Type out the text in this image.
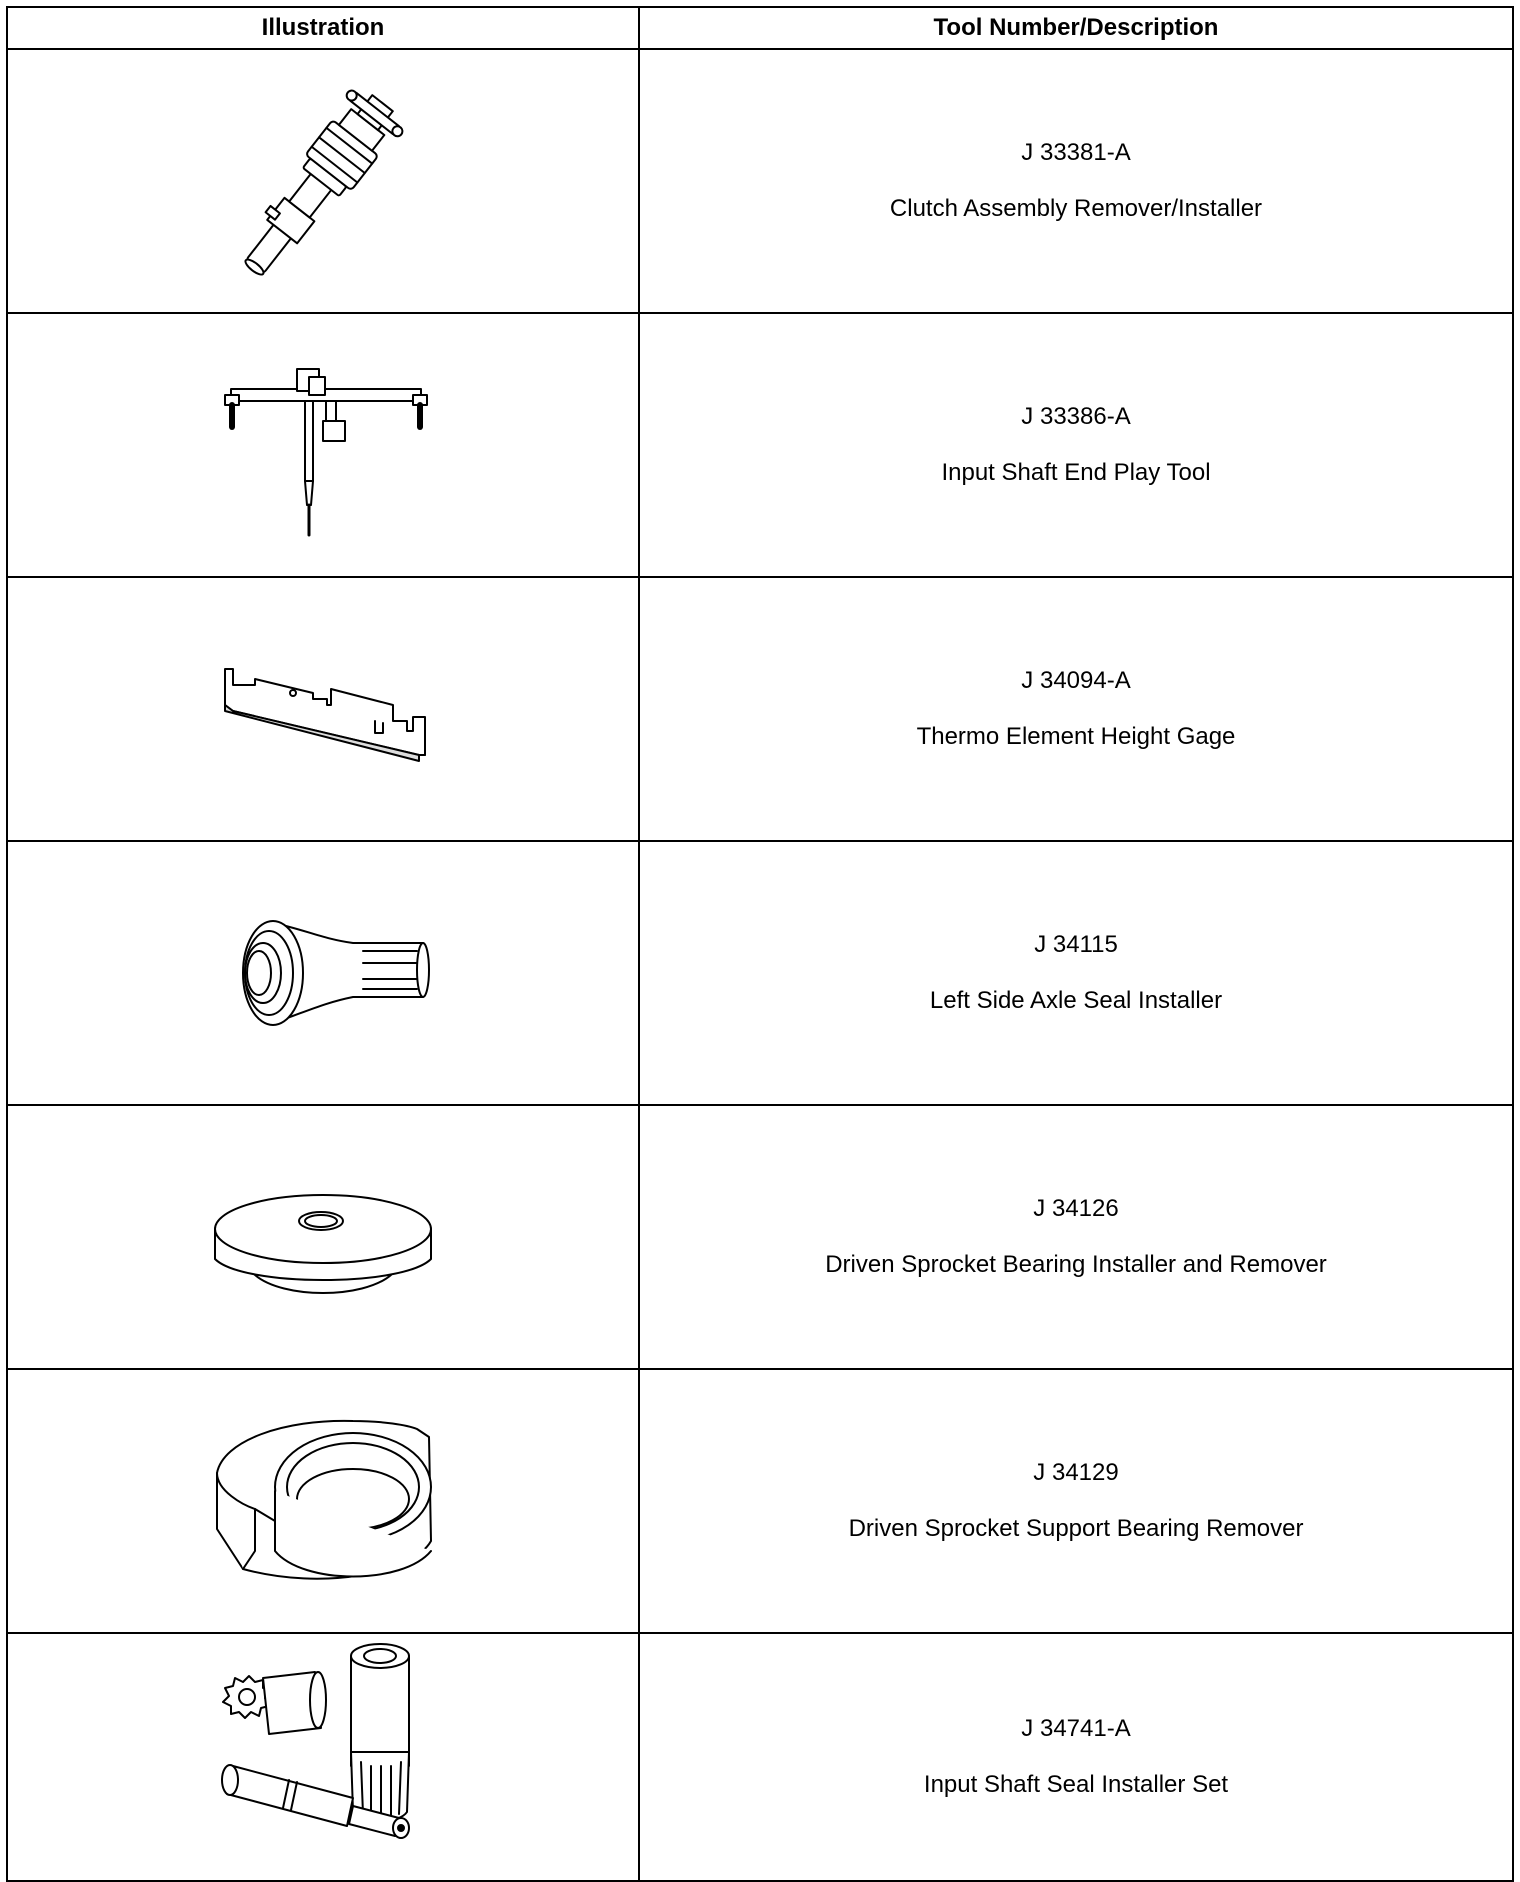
Illustration	Tool Number/Description

J 33381-A
Clutch Assembly Remover/Installer

J 33386-A
Input Shaft End Play Tool

J 34094-A
Thermo Element Height Gage

J 34115
Left Side Axle Seal Installer

J 34126
Driven Sprocket Bearing Installer and Remover

J 34129
Driven Sprocket Support Bearing Remover

J 34741-A
Input Shaft Seal Installer Set
